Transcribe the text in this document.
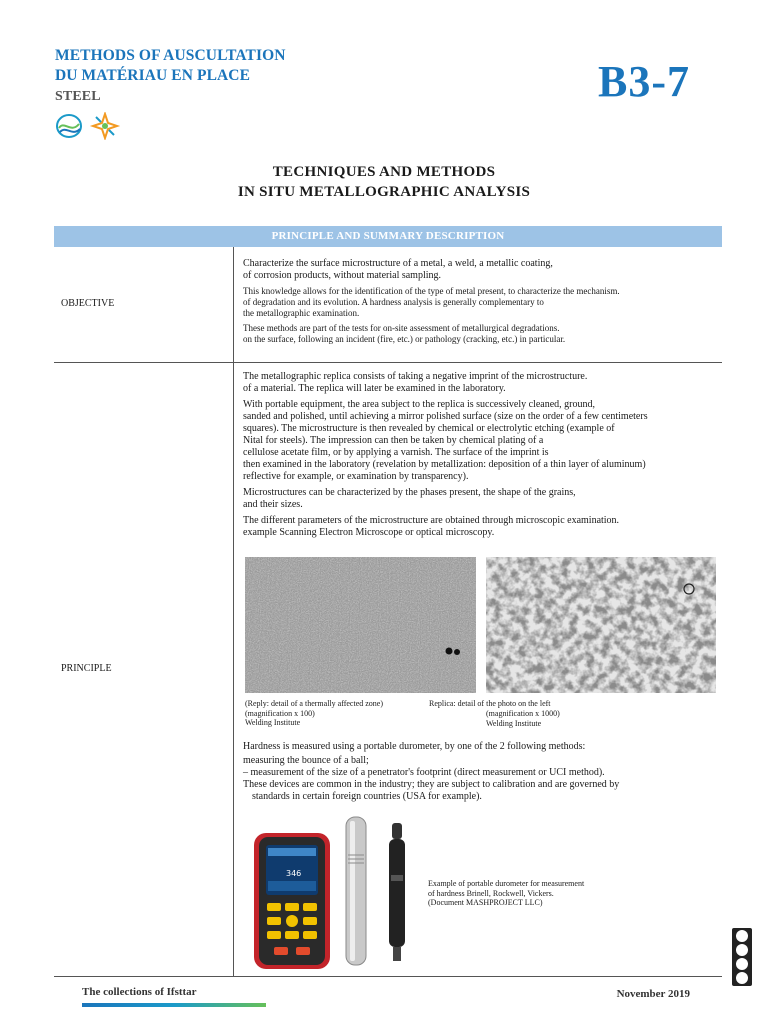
METHODS OF AUSCULTATION
DU MATÉRIAU EN PLACE
STEEL	B3-7
TECHNIQUES AND METHODS
IN SITU METALLOGRAPHIC ANALYSIS
PRINCIPLE AND SUMMARY DESCRIPTION
OBJECTIVE

Characterize the surface microstructure of a metal, a weld, a metallic coating,
of corrosion products, without material sampling.

This knowledge allows for the identification of the type of metal present, to characterize the mechanism.
of degradation and its evolution. A hardness analysis is generally complementary to
the metallographic examination.

These methods are part of the tests for on-site assessment of metallurgical degradations.
on the surface, following an incident (fire, etc.) or pathology (cracking, etc.) in particular.

PRINCIPLE

The metallographic replica consists of taking a negative imprint of the microstructure.
of a material. The replica will later be examined in the laboratory.

With portable equipment, the area subject to the replica is successively cleaned, ground,
sanded and polished, until achieving a mirror polished surface (size on the order of a few centimeters
squares). The microstructure is then revealed by chemical or electrolytic etching (example of
Nital for steels). The impression can then be taken by chemical plating of a
cellulose acetate film, or by applying a varnish. The surface of the imprint is
then examined in the laboratory (revelation by metallization: deposition of a thin layer of aluminum)
reflective for example, or examination by transparency).

Microstructures can be characterized by the phases present, the shape of the grains,
and their sizes.

The different parameters of the microstructure are obtained through microscopic examination.
example Scanning Electron Microscope or optical microscopy.

(Reply: detail of a thermally affected zone)
(magnification x 100)
Welding Institute
Replica: detail of the photo on the left
(magnification x 1000)
Welding Institute

Hardness is measured using a portable durometer, by one of the 2 following methods:

measuring the bounce of a ball;
– measurement of the size of a penetrator's footprint (direct measurement or UCI method).
These devices are common in the industry; they are subject to calibration and are governed by
standards in certain foreign countries (USA for example).
346
Example of portable durometer for measurement
of hardness Brinell, Rockwell, Vickers.
(Document MASHPROJECT LLC)
The collections of Ifsttar	November 2019
